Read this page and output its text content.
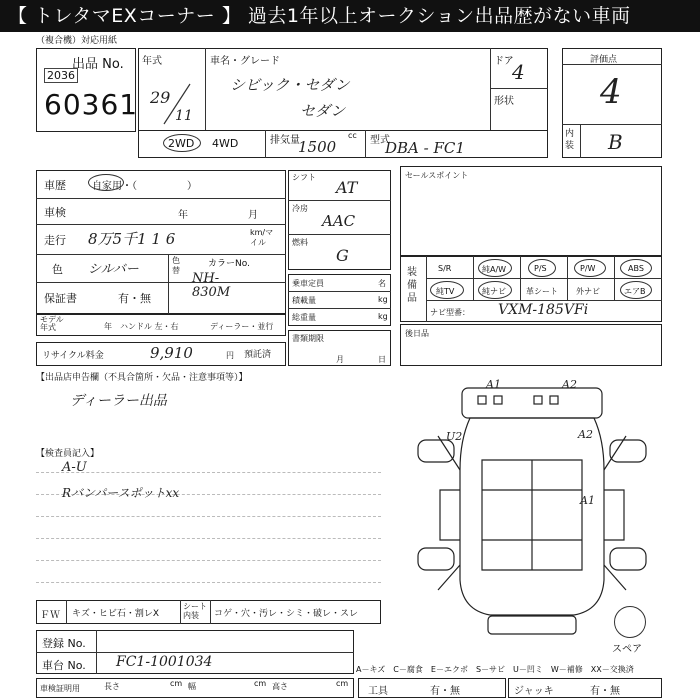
【 トレタマEXコーナー 】 過去1年以上オークション出品歴がない車両
（複合機）対応用紙
出品 No.
2036
60361
年式
29
11
車名・グレード
シビック・セダン
セダン
ドア
4
形状
評価点
4
内装 B
2WD 4WD	排気量	cc
1500	型式
DBA - FC1
車歴	自家用・（　　　　　）
車検	年	月
走行 8万5千1 1 6	km/マイル
色 シルバー
色替
カラーNo.
NH-830M
保証書	有・無
モデル年式	年 ハンドル 左・右	ディーラー・並行
リサイクル料金	9,910	円 預託済
シフト
AT
冷房
AAC
燃料
G
乗車定員	名
積載量	kg
総重量	kg
書類期限
月	日
セールスポイント
装備品
S/R	純A/W	P/S	P/W	ABS
純TV	純ナビ	革シート 外ナビ	エアB
ナビ型番： VXM-185VFi
後日品
【出品店申告欄（不具合箇所・欠品・注意事項等）】
ディーラー出品
【検査員記入】
A-U
Rバンパースポットxx
A1	A2
U2	A2
A1
スペア
ＦＷ キズ・ヒビ石・割レX
シート内装	コゲ・穴・汚レ・シミ・破レ・スレ
登録 No.
車台 No. FC1-1001034	A－キズ　C－腐食　E－エクボ　S－サビ　U－凹ミ　W－補修　XX－交換済
車検証明用	長さ	cm 幅	cm 高さ	cm
工具	有・無	ジャッキ	有・無
